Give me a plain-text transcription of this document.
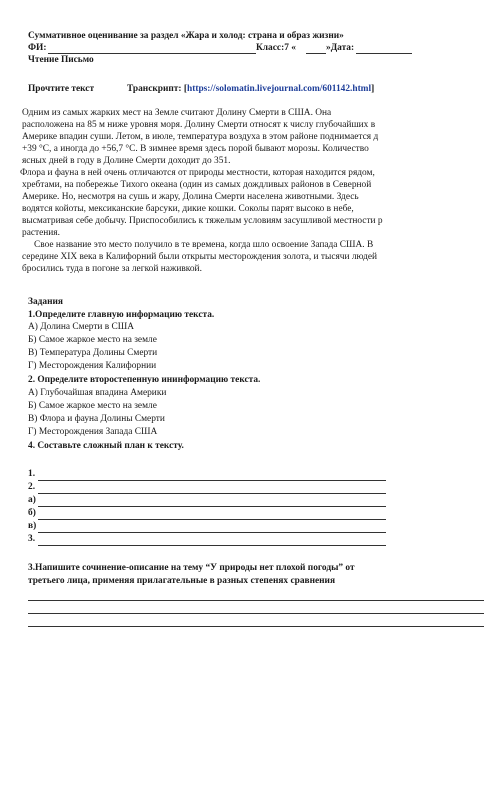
Суммативное оценивание за раздел «Жара и холод: страна и образ жизни»
ФИ:	Класс:7 «	»Дата:
Чтение Письмо
Прочтите текст	Транскрипт: [https://solomatin.livejournal.com/601142.html]
Одним из самых жарких мест на Земле считают Долину Смерти в США. Она
расположена на 85 м ниже уровня моря. Долину Смерти относят к числу глубочайших в
Америке впадин суши. Летом, в июле, температура воздуха в этом районе поднимается д
+39 °С, а иногда до +56,7 °С. В зимнее время здесь порой бывают морозы. Количество
ясных дней в году в Долине Смерти доходит до 351.
Флора и фауна в ней очень отличаются от природы местности, которая находится рядом,
хребтами, на побережье Тихого океана (один из самых дождливых районов в Северной
Америке. Но, несмотря на сушь и жару, Долина Смерти населена животными. Здесь
водятся койоты, мексиканские барсуки, дикие кошки. Соколы парят высоко в небе,
высматривая себе добычу. Приспособились к тяжелым условиям засушливой местности р
растения.
Свое название это место получило в те времена, когда шло освоение Запада США. В
середине XIX века в Калифорний были открыты месторождения золота, и тысячи людей
бросились туда в погоне за легкой наживкой.
Задания
1.Определите главную информацию текста.
А) Долина Смерти в США
Б) Самое жаркое место на земле
В) Температура Долины Смерти
Г) Месторождения Калифорнии
2. Определите второстепенную ининформацию текста.
А) Глубочайшая впадина Америки
Б) Самое жаркое место на земле
В) Флора и фауна Долины Смерти
Г) Месторождения Запада США
4. Составьте сложный план к тексту.
1.
2.
а)
б)
в)
3.
3.Напишите сочинение-описание на тему “У природы нет плохой погоды” от
третьего лица, применяя прилагательные в разных степенях сравнения
